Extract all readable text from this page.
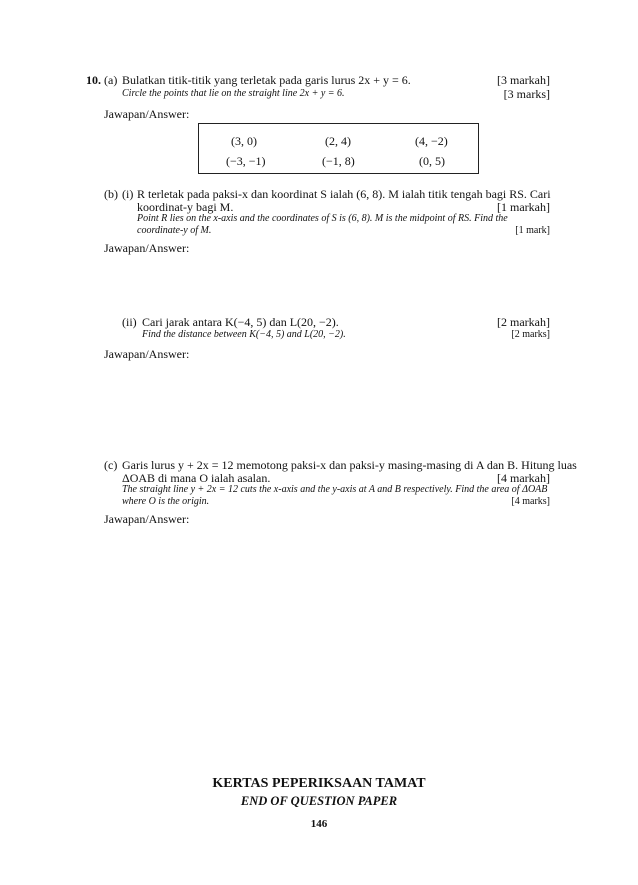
10. (a) Bulatkan titik-titik yang terletak pada garis lurus 2x + y = 6.	[3 markah]
Circle the points that lie on the straight line 2x + y = 6.	[3 marks]
Jawapan/Answer:
(3, 0)	(2, 4)	(4, −2)
(−3, −1)	(−1, 8)	(0, 5)
(b) (i) R terletak pada paksi-x dan koordinat S ialah (6, 8). M ialah titik tengah bagi RS. Cari
koordinat-y bagi M.	[1 markah]
Point R lies on the x-axis and the coordinates of S is (6, 8). M is the midpoint of RS. Find the
coordinate-y of M.	[1 mark]
Jawapan/Answer:
(ii) Cari jarak antara K(−4, 5) dan L(20, −2).	[2 markah]
Find the distance between K(−4, 5) and L(20, −2).	[2 marks]
Jawapan/Answer:
(c) Garis lurus y + 2x = 12 memotong paksi-x dan paksi-y masing-masing di A dan B. Hitung luas
ΔOAB di mana O ialah asalan.	[4 markah]
The straight line y + 2x = 12 cuts the x-axis and the y-axis at A and B respectively. Find the area of ΔOAB
where O is the origin.	[4 marks]
Jawapan/Answer:
KERTAS PEPERIKSAAN TAMAT
END OF QUESTION PAPER
146
